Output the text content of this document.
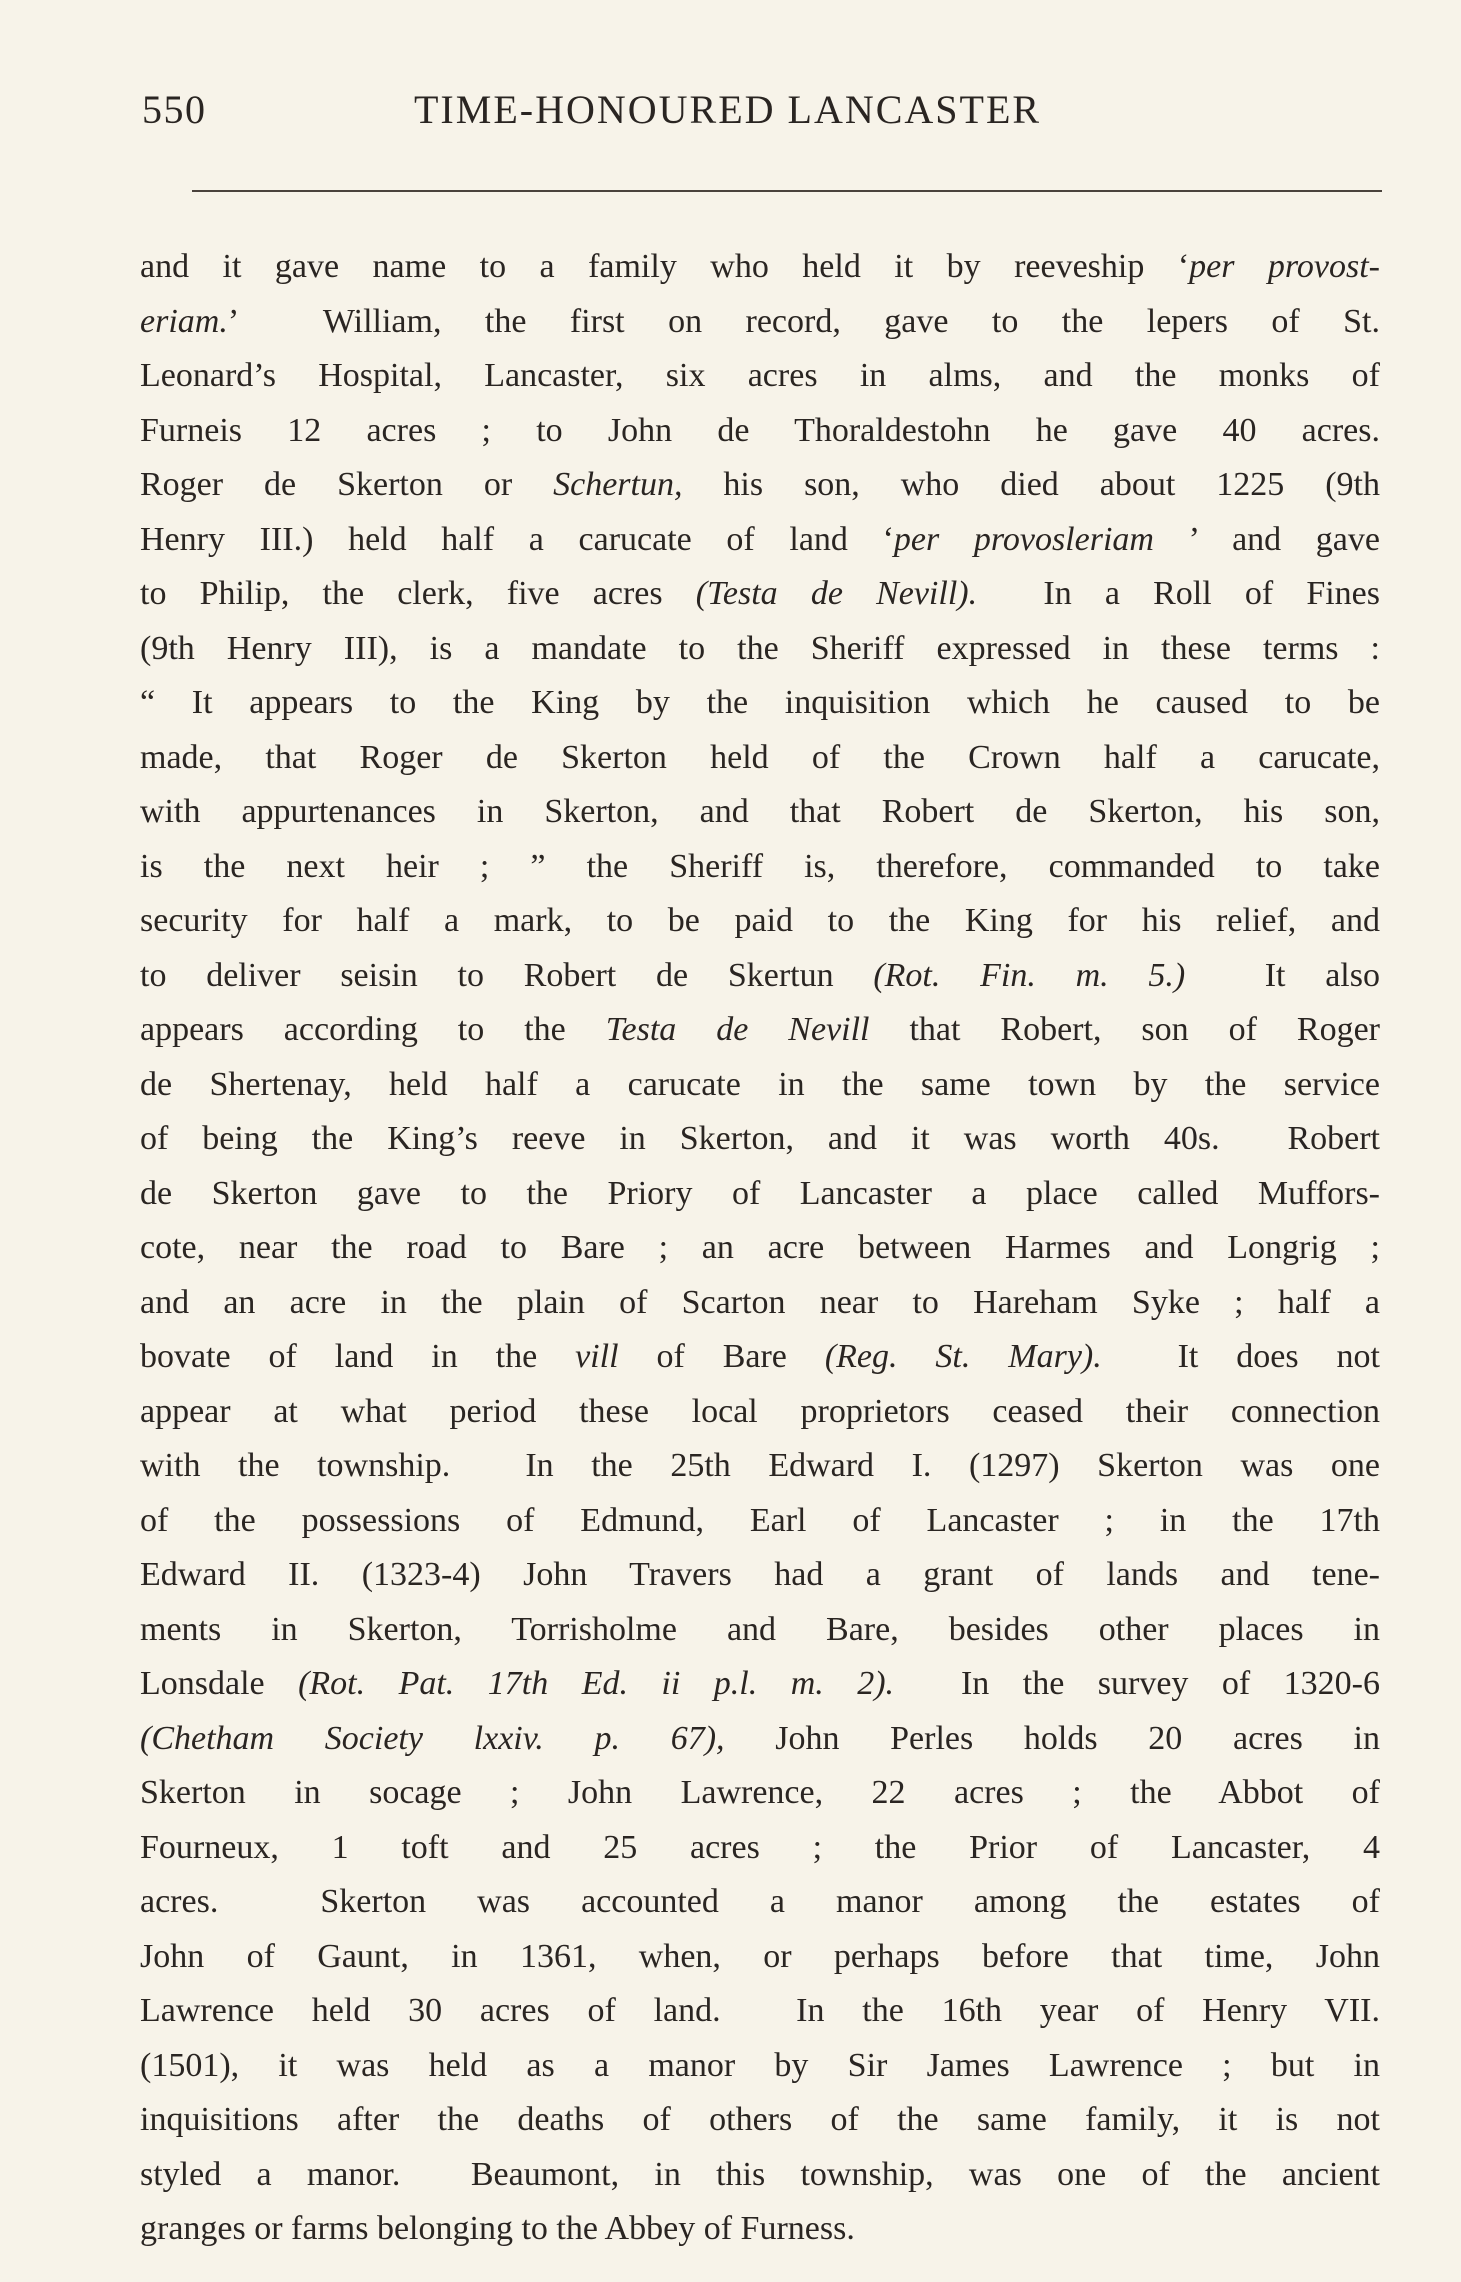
550	TIME-HONOURED LANCASTER
and it gave name to a family who held it by reeveship ‘per provost-
eriam.’  William, the first on record, gave to the lepers of St.
Leonard’s Hospital, Lancaster, six acres in alms, and the monks of
Furneis 12 acres ; to John de Thoraldestohn he gave 40 acres.
Roger de Skerton or Schertun, his son, who died about 1225 (9th
Henry III.) held half a carucate of land ‘per provosleriam ’ and gave
to Philip, the clerk, five acres (Testa de Nevill).  In a Roll of Fines
(9th Henry III), is a mandate to the Sheriff expressed in these terms :
“ It appears to the King by the inquisition which he caused to be
made, that Roger de Skerton held of the Crown half a carucate,
with appurtenances in Skerton, and that Robert de Skerton, his son,
is the next heir ; ” the Sheriff is, therefore, commanded to take
security for half a mark, to be paid to the King for his relief, and
to deliver seisin to Robert de Skertun (Rot. Fin. m. 5.)  It also
appears according to the Testa de Nevill that Robert, son of Roger
de Shertenay, held half a carucate in the same town by the service
of being the King’s reeve in Skerton, and it was worth 40s.  Robert
de Skerton gave to the Priory of Lancaster a place called Muffors-
cote, near the road to Bare ; an acre between Harmes and Longrig ;
and an acre in the plain of Scarton near to Hareham Syke ; half a
bovate of land in the vill of Bare (Reg. St. Mary).  It does not
appear at what period these local proprietors ceased their connection
with the township.  In the 25th Edward I. (1297) Skerton was one
of the possessions of Edmund, Earl of Lancaster ; in the 17th
Edward II. (1323-4) John Travers had a grant of lands and tene-
ments in Skerton, Torrisholme and Bare, besides other places in
Lonsdale (Rot. Pat. 17th Ed. ii p.l. m. 2).  In the survey of 1320-6
(Chetham Society lxxiv. p. 67), John Perles holds 20 acres in
Skerton in socage ; John Lawrence, 22 acres ; the Abbot of
Fourneux, 1 toft and 25 acres ; the Prior of Lancaster, 4
acres.  Skerton was accounted a manor among the estates of
John of Gaunt, in 1361, when, or perhaps before that time, John
Lawrence held 30 acres of land.  In the 16th year of Henry VII.
(1501), it was held as a manor by Sir James Lawrence ; but in
inquisitions after the deaths of others of the same family, it is not
styled a manor.  Beaumont, in this township, was one of the ancient
granges or farms belonging to the Abbey of Furness.
